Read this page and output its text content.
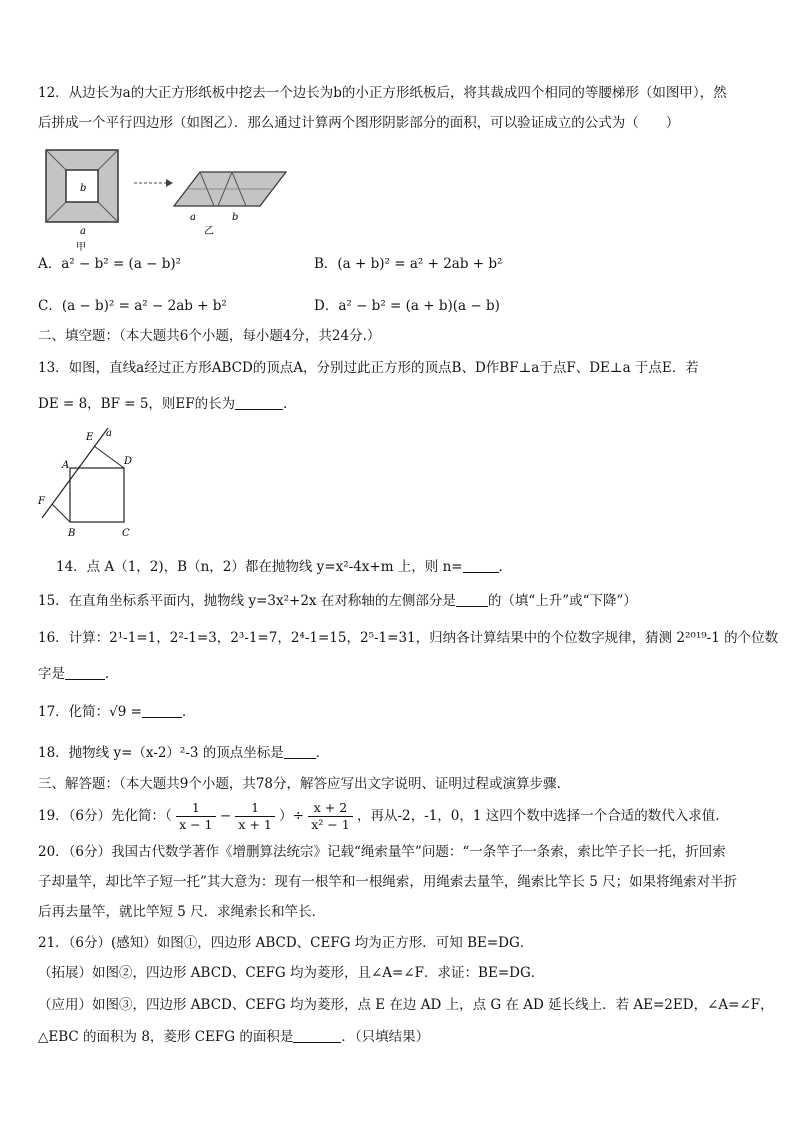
12．从边长为a的大正方形纸板中挖去一个边长为b的小正方形纸板后，将其裁成四个相同的等腰梯形（如图甲），然
后拼成一个平行四边形（如图乙）．那么通过计算两个图形阴影部分的面积，可以验证成立的公式为（　　）
b
a
甲
a	b
乙
A．a² − b² = (a − b)²	B．(a + b)² = a² + 2ab + b²
C．(a − b)² = a² − 2ab + b²	D．a² − b² = (a + b)(a − b)
二、填空题：（本大题共6个小题，每小题4分，共24分.）
13．如图，直线a经过正方形ABCD的顶点A，分别过此正方形的顶点B、D作BF⊥a于点F、DE⊥a 于点E．若
DE = 8，BF = 5，则EF的长为	．
E a
A	D
F
B	C
14．点 A（1，2)，B（n，2）都在抛物线 y=x²-4x+m 上，则 n=	．
15．在直角坐标系平面内，抛物线 y=3x²+2x 在对称轴的左侧部分是 的（填“上升”或“下降”）
16．计算：2¹-1=1，2²-1=3，2³-1=7，2⁴-1=15，2⁵-1=31，归纳各计算结果中的个位数字规律，猜测 2²⁰¹⁹-1 的个位数
字是	．
17．化简：√9 =	．
18．抛物线 y=（x-2）²-3 的顶点坐标是 ．
三、解答题：（本大题共9个小题，共78分，解答应写出文字说明、证明过程或演算步骤.
19．（6分）先化简：（ $\frac{1}{x - 1} - \frac{1}{x + 1}$ ）÷ $\frac{x + 2}{\text{x² − 1}}$ ，再从-2，-1，0，1 这四个数中选择一个合适的数代入求值.
20．（6分）我国古代数学著作《增删算法统宗》记载“绳索量竿”问题：“一条竿子一条索，索比竿子长一托，折回索
子却量竿，却比竿子短一托”其大意为：现有一根竿和一根绳索，用绳索去量竿，绳索比竿长 5 尺；如果将绳索对半折
后再去量竿，就比竿短 5 尺．求绳索长和竿长．
21．（6分）(感知）如图①，四边形 ABCD、CEFG 均为正方形．可知 BE=DG．
（拓展）如图②，四边形 ABCD、CEFG 均为菱形，且∠A=∠F．求证：BE=DG．
（应用）如图③，四边形 ABCD、CEFG 均为菱形，点 E 在边 AD 上，点 G 在 AD 延长线上．若 AE=2ED，∠A=∠F，
△EBC 的面积为 8，菱形 CEFG 的面积是	．（只填结果）
